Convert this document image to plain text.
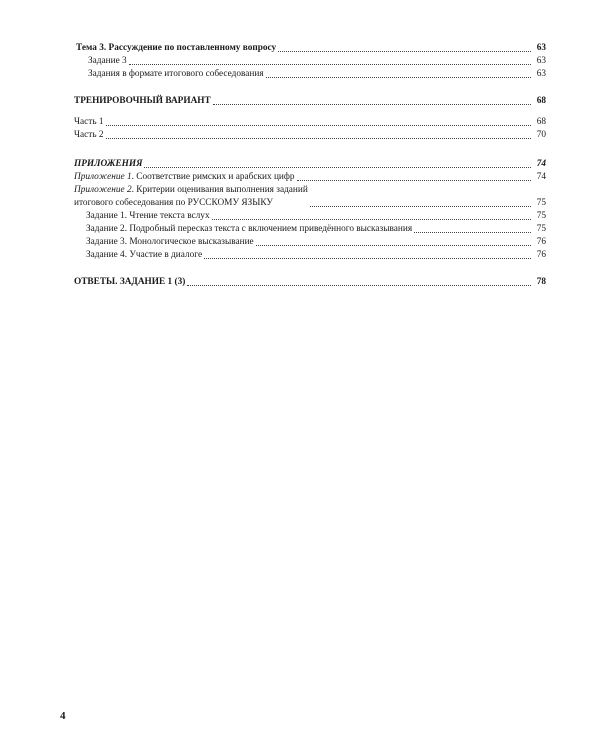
Тема 3. Рассуждение по поставленному вопросу	63
Задание 3	63
Задания в формате итогового собеседования	63
ТРЕНИРОВОЧНЫЙ ВАРИАНТ	68
Часть 1	68
Часть 2	70
ПРИЛОЖЕНИЯ	74
Приложение 1. Соответствие римских и арабских цифр	74
Приложение 2. Критерии оценивания выполнения заданий
итогового собеседования по РУССКОМУ ЯЗЫКУ	75
Задание 1. Чтение текста вслух	75
Задание 2. Подробный пересказ текста с включением приведённого высказывания	75
Задание 3. Монологическое высказывание	76
Задание 4. Участие в диалоге	76
ОТВЕТЫ. ЗАДАНИЕ 1 (3)	78
4
